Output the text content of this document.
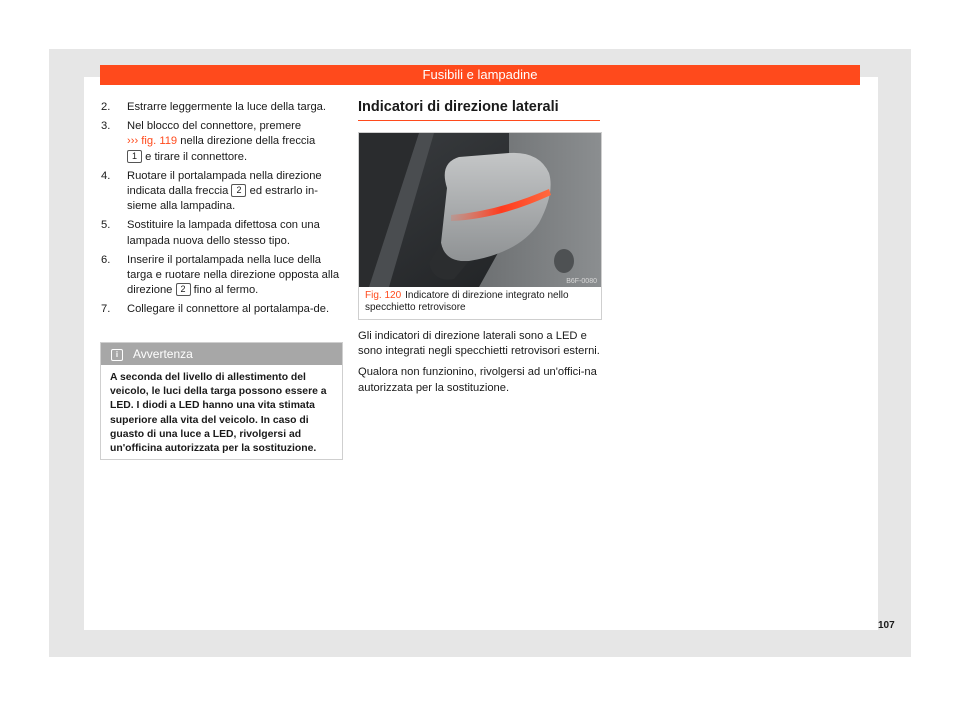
Fusibili e lampadine
2. Estrarre leggermente la luce della targa.
3. Nel blocco del connettore, premere
››› fig. 119 nella direzione della freccia
1 e tirare il connettore.
4. Ruotare il portalampada nella direzione indicata dalla freccia 2 ed estrarlo in-sieme alla lampadina.
5. Sostituire la lampada difettosa con una lampada nuova dello stesso tipo.
6. Inserire il portalampada nella luce della targa e ruotare nella direzione opposta alla direzione 2 fino al fermo.
7. Collegare il connettore al portalampa-de.
i Avvertenza
A seconda del livello di allestimento del veicolo, le luci della targa possono essere a LED. I diodi a LED hanno una vita stimata superiore alla vita del veicolo. In caso di guasto di una luce a LED, rivolgersi ad un'officina autorizzata per la sostituzione.
Indicatori di direzione laterali
B6F-0080
Fig. 120 Indicatore di direzione integrato nello specchietto retrovisore

Gli indicatori di direzione laterali sono a LED e sono integrati negli specchietti retrovisori esterni.

Qualora non funzionino, rivolgersi ad un'offici-na autorizzata per la sostituzione.

107
